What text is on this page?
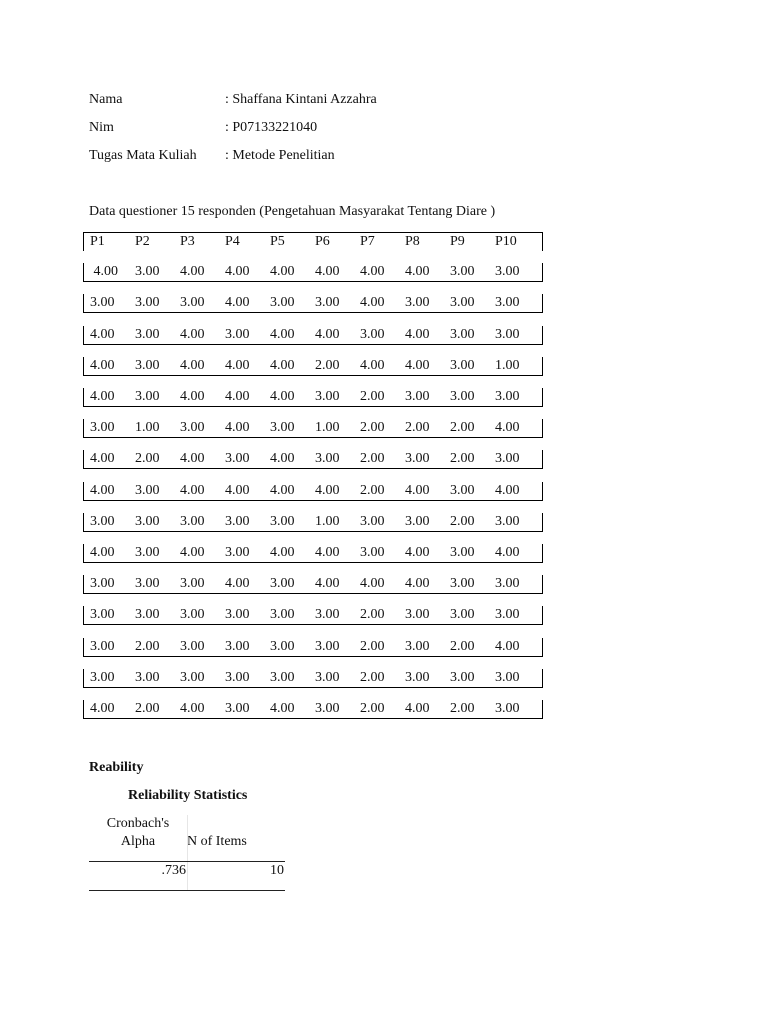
Nama	: Shaffana Kintani Azzahra
Nim	: P07133221040
Tugas Mata Kuliah : Metode Penelitian
Data questioner 15 responden (Pengetahuan Masyarakat Tentang Diare )
P1 P2 P3 P4 P5 P6 P7 P8 P9 P10
4.00 3.00 4.00 4.00 4.00 4.00 4.00 4.00 3.00 3.00
3.00 3.00 3.00 4.00 3.00 3.00 4.00 3.00 3.00 3.00
4.00 3.00 4.00 3.00 4.00 4.00 3.00 4.00 3.00 3.00
4.00 3.00 4.00 4.00 4.00 2.00 4.00 4.00 3.00 1.00
4.00 3.00 4.00 4.00 4.00 3.00 2.00 3.00 3.00 3.00
3.00 1.00 3.00 4.00 3.00 1.00 2.00 2.00 2.00 4.00
4.00 2.00 4.00 3.00 4.00 3.00 2.00 3.00 2.00 3.00
4.00 3.00 4.00 4.00 4.00 4.00 2.00 4.00 3.00 4.00
3.00 3.00 3.00 3.00 3.00 1.00 3.00 3.00 2.00 3.00
4.00 3.00 4.00 3.00 4.00 4.00 3.00 4.00 3.00 4.00
3.00 3.00 3.00 4.00 3.00 4.00 4.00 4.00 3.00 3.00
3.00 3.00 3.00 3.00 3.00 3.00 2.00 3.00 3.00 3.00
3.00 2.00 3.00 3.00 3.00 3.00 2.00 3.00 2.00 4.00
3.00 3.00 3.00 3.00 3.00 3.00 2.00 3.00 3.00 3.00
4.00 2.00 4.00 3.00 4.00 3.00 2.00 4.00 2.00 3.00
Reability
Reliability Statistics
Cronbach's
Alpha	N of Items
.736	10
